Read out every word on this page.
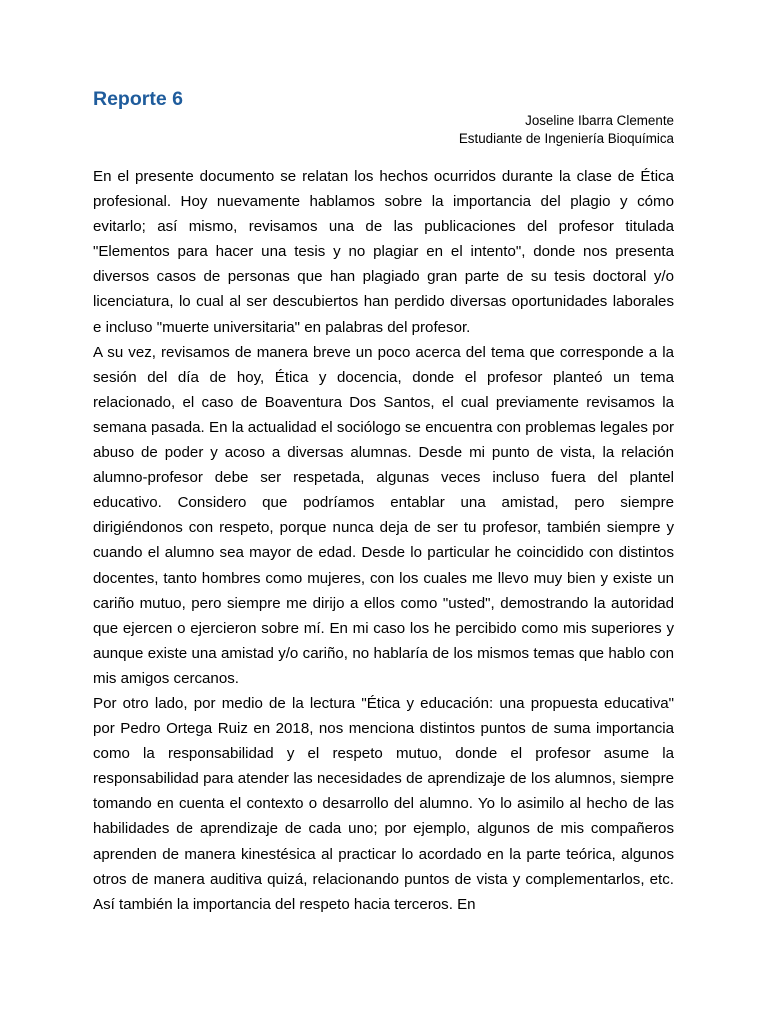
Reporte 6
Joseline Ibarra Clemente
Estudiante de Ingeniería Bioquímica

En el presente documento se relatan los hechos ocurridos durante la clase de Ética profesional. Hoy nuevamente hablamos sobre la importancia del plagio y cómo evitarlo; así mismo, revisamos una de las publicaciones del profesor titulada "Elementos para hacer una tesis y no plagiar en el intento", donde nos presenta diversos casos de personas que han plagiado gran parte de su tesis doctoral y/o licenciatura, lo cual al ser descubiertos han perdido diversas oportunidades laborales e incluso "muerte universitaria" en palabras del profesor.

A su vez, revisamos de manera breve un poco acerca del tema que corresponde a la sesión del día de hoy, Ética y docencia, donde el profesor planteó un tema relacionado, el caso de Boaventura Dos Santos, el cual previamente revisamos la semana pasada. En la actualidad el sociólogo se encuentra con problemas legales por abuso de poder y acoso a diversas alumnas. Desde mi punto de vista, la relación alumno-profesor debe ser respetada, algunas veces incluso fuera del plantel educativo. Considero que podríamos entablar una amistad, pero siempre dirigiéndonos con respeto, porque nunca deja de ser tu profesor, también siempre y cuando el alumno sea mayor de edad. Desde lo particular he coincidido con distintos docentes, tanto hombres como mujeres, con los cuales me llevo muy bien y existe un cariño mutuo, pero siempre me dirijo a ellos como "usted", demostrando la autoridad que ejercen o ejercieron sobre mí. En mi caso los he percibido como mis superiores y aunque existe una amistad y/o cariño, no hablaría de los mismos temas que hablo con mis amigos cercanos.

Por otro lado, por medio de la lectura "Ética y educación: una propuesta educativa" por Pedro Ortega Ruiz en 2018, nos menciona distintos puntos de suma importancia como la responsabilidad y el respeto mutuo, donde el profesor asume la responsabilidad para atender las necesidades de aprendizaje de los alumnos, siempre tomando en cuenta el contexto o desarrollo del alumno. Yo lo asimilo al hecho de las habilidades de aprendizaje de cada uno; por ejemplo, algunos de mis compañeros aprenden de manera kinestésica al practicar lo acordado en la parte teórica, algunos otros de manera auditiva quizá, relacionando puntos de vista y complementarlos, etc. Así también la importancia del respeto hacia terceros. En
